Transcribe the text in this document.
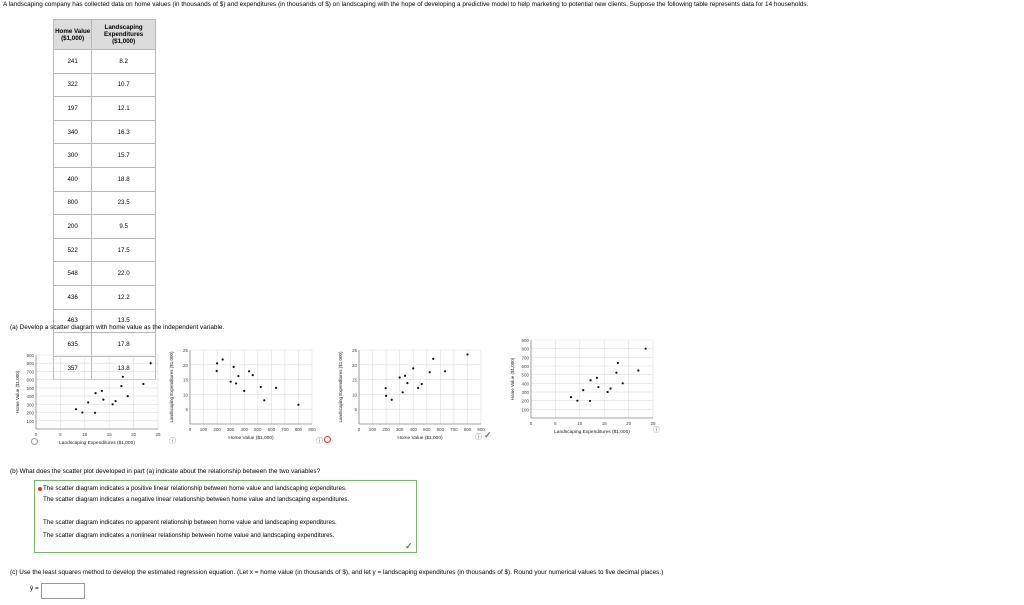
A landscaping company has collected data on home values (in thousands of $) and expenditures (in thousands of $) on landscaping with the hope of developing a predictive model to help marketing to potential new clients. Suppose the following table represents data for 14 households.
Home Value ($1,000)	Landscaping Expenditures ($1,000)
241	8.2
322	10.7
197	12.1
340	16.3
300	15.7
400	18.8
800	23.5
200	9.5
522	17.5
548	22.0
436	12.2
463	13.5
635	17.8
357	13.8
(a) Develop a scatter diagram with home value as the independent variable.
100
200
300
400
500
600
700
800
900
0	5	10	15	20	25
Landscaping Expenditures ($1,000)
Home Value ($1,000)	5
10
15
20
25
0 100 200 300 400 500 600 700 800 900
Home Value ($1,000)
Landscaping Expenditures ($1,000)	5
10
15
20
25
0 100 200 300 400 500 600 700 800 900
Home Value ($1,000)
Landscaping Expenditures ($1,000)	100
200
300
400
500
600
700
800
900
0	5	10	15	20	25
Landscaping Expenditures ($1,000)
Home Value ($1,000)
ⓘ	ⓘ
ⓘ ✓	ⓘ
(b) What does the scatter plot developed in part (a) indicate about the relationship between the two variables?
The scatter diagram indicates a positive linear relationship between home value and landscaping expenditures.
The scatter diagram indicates a negative linear relationship between home value and landscaping expenditures.
The scatter diagram indicates no apparent relationship between home value and landscaping expenditures.
The scatter diagram indicates a nonlinear relationship between home value and landscaping expenditures.
✓
(c) Use the least squares method to develop the estimated regression equation. (Let x = home value (in thousands of $), and let y = landscaping expenditures (in thousands of $). Round your numerical values to five decimal places.)
ŷ =
